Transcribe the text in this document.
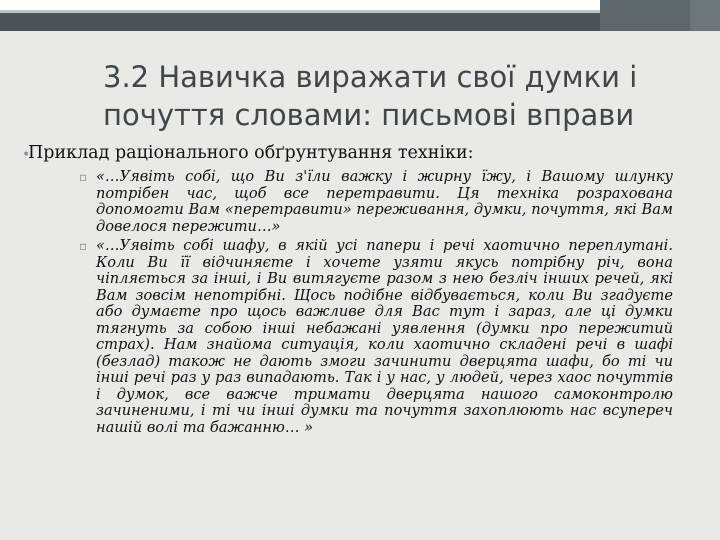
3.2 Навичка виражати свої думки і почуття словами: письмові вправи
•
Приклад раціонального обґрунтування техніки:
▫ «…Уявіть собі, що Ви з'їли важку і жирну їжу, і Вашому шлунку потрібен час, щоб все перетравити. Ця техніка розрахована допомогти Вам «перетравити» переживання, думки, почуття, які Вам довелося пережити…»
▫ «…Уявіть собі шафу, в якій усі папери і речі хаотично переплутані. Коли Ви її відчиняєте і хочете узяти якусь потрібну річ, вона чіпляється за інші, і Ви витягуєте разом з нею безліч інших речей, які Вам зовсім непотрібні. Щось подібне відбувається, коли Ви згадуєте або думаєте про щось важливе для Вас тут і зараз, але ці думки тягнуть за собою інші небажані уявлення (думки про пережитий страх). Нам знайома ситуація, коли хаотично складені речі в шафі (безлад) також не дають змоги зачинити дверцята шафи, бо ті чи інші речі раз у раз випадають. Так і у нас, у людей, через хаос почуттів і думок, все важче тримати дверцята нашого самоконтролю зачиненими, і ті чи інші думки та почуття захоплюють нас всупереч нашій волі та бажанню… »
